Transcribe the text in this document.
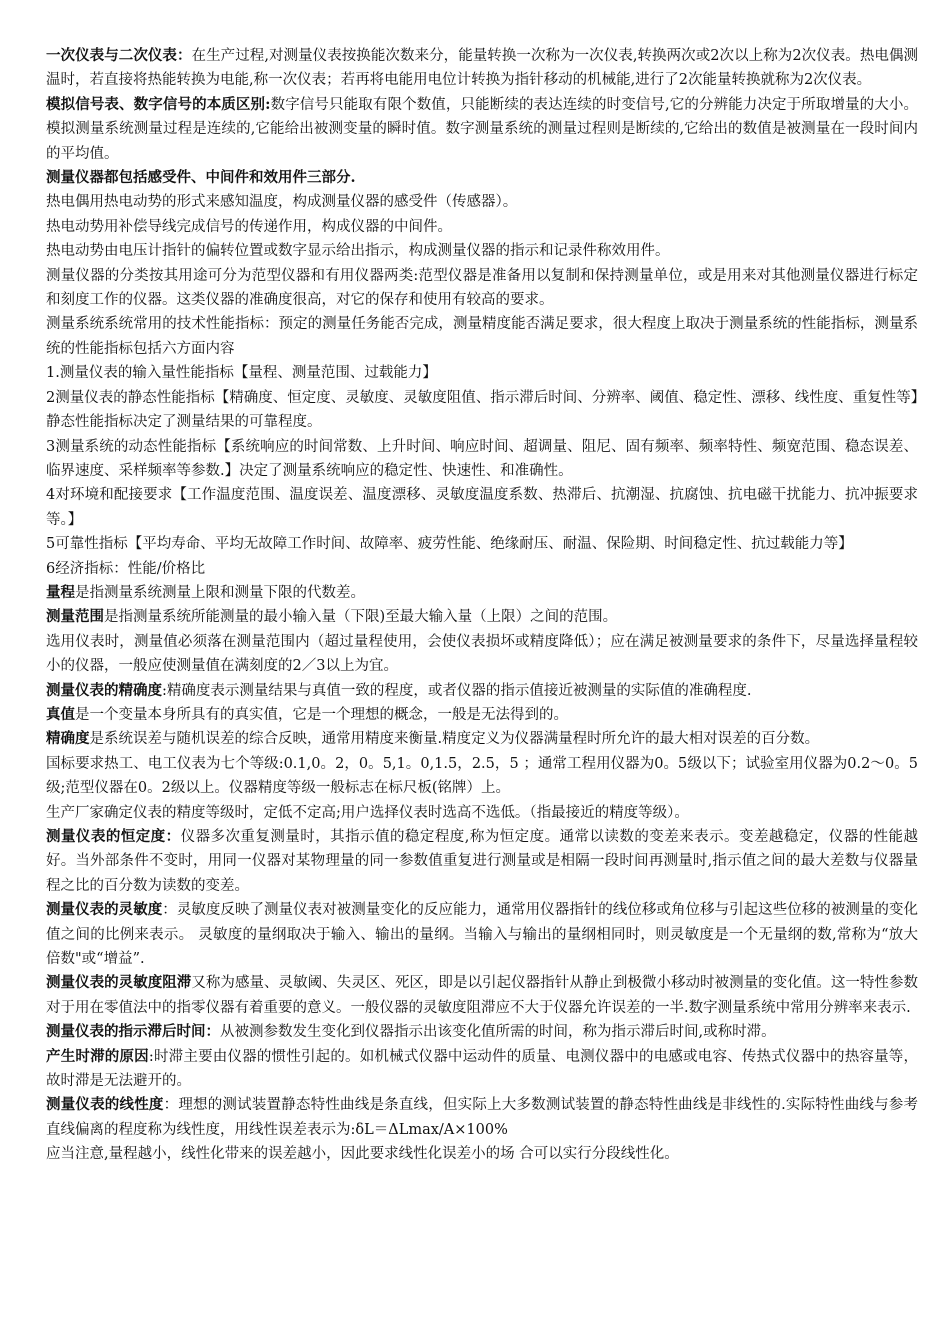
一次仪表与二次仪表：在生产过程,对测量仪表按换能次数来分，能量转换一次称为一次仪表,转换两次或2次以上称为2次仪表。热电偶测温时，若直接将热能转换为电能,称一次仪表；若再将电能用电位计转换为指针移动的机械能,进行了2次能量转换就称为2次仪表。

模拟信号表、数字信号的本质区别:数字信号只能取有限个数值，只能断续的表达连续的时变信号,它的分辨能力决定于所取增量的大小。模拟测量系统测量过程是连续的,它能给出被测变量的瞬时值。数字测量系统的测量过程则是断续的,它给出的数值是被测量在一段时间内的平均值。

测量仪器都包括感受件、中间件和效用件三部分.

热电偶用热电动势的形式来感知温度，构成测量仪器的感受件（传感器）。

热电动势用补偿导线完成信号的传递作用，构成仪器的中间件。

热电动势由电压计指针的偏转位置或数字显示给出指示，构成测量仪器的指示和记录件称效用件。

测量仪器的分类按其用途可分为范型仪器和有用仪器两类:范型仪器是准备用以复制和保持测量单位，或是用来对其他测量仪器进行标定和刻度工作的仪器。这类仪器的准确度很高，对它的保存和使用有较高的要求。

测量系统系统常用的技术性能指标：预定的测量任务能否完成，测量精度能否满足要求，很大程度上取决于测量系统的性能指标，测量系统的性能指标包括六方面内容

1.测量仪表的输入量性能指标【量程、测量范围、过载能力】

2测量仪表的静态性能指标【精确度、恒定度、灵敏度、灵敏度阻值、指示滞后时间、分辨率、阈值、稳定性、漂移、线性度、重复性等】静态性能指标决定了测量结果的可靠程度。

3测量系统的动态性能指标【系统响应的时间常数、上升时间、响应时间、超调量、阻尼、固有频率、频率特性、频宽范围、稳态误差、临界速度、采样频率等参数.】决定了测量系统响应的稳定性、快速性、和准确性。

4对环境和配接要求【工作温度范围、温度误差、温度漂移、灵敏度温度系数、热滞后、抗潮湿、抗腐蚀、抗电磁干扰能力、抗冲振要求等。】

5可靠性指标【平均寿命、平均无故障工作时间、故障率、疲劳性能、绝缘耐压、耐温、保险期、时间稳定性、抗过载能力等】

6经济指标：性能/价格比

量程是指测量系统测量上限和测量下限的代数差。

测量范围是指测量系统所能测量的最小输入量（下限)至最大输入量（上限）之间的范围。

选用仪表时，测量值必须落在测量范围内（超过量程使用，会使仪表损坏或精度降低）；应在满足被测量要求的条件下，尽量选择量程较小的仪器，一般应使测量值在满刻度的2／3以上为宜。

测量仪表的精确度:精确度表示测量结果与真值一致的程度，或者仪器的指示值接近被测量的实际值的准确程度.

真值是一个变量本身所具有的真实值，它是一个理想的概念，一般是无法得到的。

精确度是系统误差与随机误差的综合反映，通常用精度来衡量.精度定义为仪器满量程时所允许的最大相对误差的百分数。

国标要求热工、电工仪表为七个等级:0.1,0。2，0。5,1。0,1.5，2.5，5 ；通常工程用仪器为0。5级以下；试验室用仪器为0.2～0。5级;范型仪器在0。2级以上。仪器精度等级一般标志在标尺板(铭牌）上。

生产厂家确定仪表的精度等级时，定低不定高;用户选择仪表时选高不选低。（指最接近的精度等级）。

测量仪表的恒定度：仪器多次重复测量时，其指示值的稳定程度,称为恒定度。通常以读数的变差来表示。变差越稳定，仪器的性能越好。当外部条件不变时，用同一仪器对某物理量的同一参数值重复进行测量或是相隔一段时间再测量时,指示值之间的最大差数与仪器量程之比的百分数为读数的变差。

测量仪表的灵敏度：灵敏度反映了测量仪表对被测量变化的反应能力，通常用仪器指针的线位移或角位移与引起这些位移的被测量的变化值之间的比例来表示。 灵敏度的量纲取决于输入、输出的量纲。当输入与输出的量纲相同时，则灵敏度是一个无量纲的数,常称为“放大倍数"或“增益”.

测量仪表的灵敏度阻滞又称为感量、灵敏阈、失灵区、死区，即是以引起仪器指针从静止到极微小移动时被测量的变化值。这一特性参数对于用在零值法中的指零仪器有着重要的意义。一般仪器的灵敏度阻滞应不大于仪器允许误差的一半.数字测量系统中常用分辨率来表示.

测量仪表的指示滞后时间：从被测参数发生变化到仪器指示出该变化值所需的时间，称为指示滞后时间,或称时滞。

产生时滞的原因:时滞主要由仪器的惯性引起的。如机械式仪器中运动件的质量、电测仪器中的电感或电容、传热式仪器中的热容量等，故时滞是无法避开的。

测量仪表的线性度：理想的测试装置静态特性曲线是条直线，但实际上大多数测试装置的静态特性曲线是非线性的.实际特性曲线与参考直线偏离的程度称为线性度，用线性误差表示为:δL＝ΔLmax/A×100%

应当注意,量程越小，线性化带来的误差越小，因此要求线性化误差小的场 合可以实行分段线性化。
